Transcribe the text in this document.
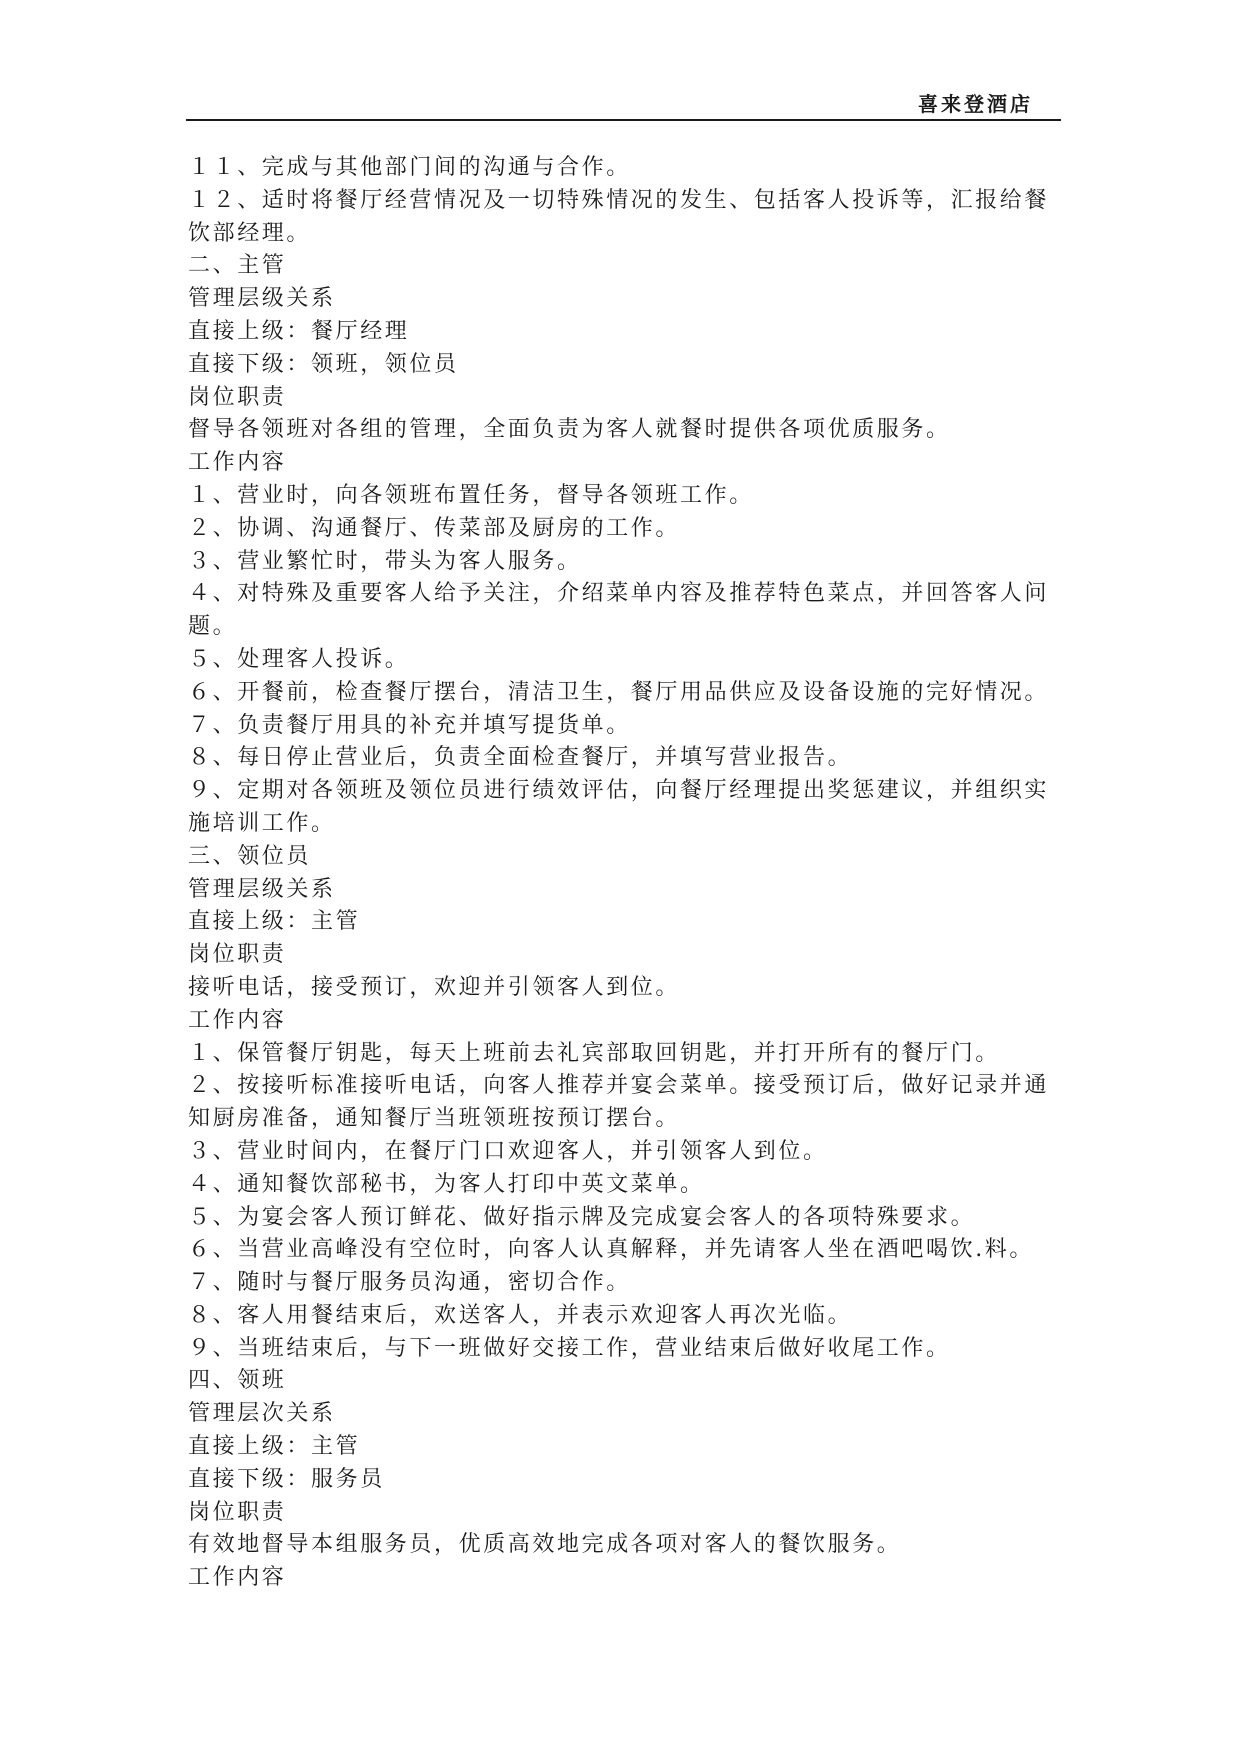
喜来登酒店
１１、完成与其他部门间的沟通与合作。
１２、适时将餐厅经营情况及一切特殊情况的发生、包括客人投诉等，汇报给餐
饮部经理。
二、主管
管理层级关系
直接上级：餐厅经理
直接下级：领班，领位员
岗位职责
督导各领班对各组的管理，全面负责为客人就餐时提供各项优质服务。
工作内容
１、营业时，向各领班布置任务，督导各领班工作。
２、协调、沟通餐厅、传菜部及厨房的工作。
３、营业繁忙时，带头为客人服务。
４、对特殊及重要客人给予关注，介绍菜单内容及推荐特色菜点，并回答客人问
题。
５、处理客人投诉。
６、开餐前，检查餐厅摆台，清洁卫生，餐厅用品供应及设备设施的完好情况。
７、负责餐厅用具的补充并填写提货单。
８、每日停止营业后，负责全面检查餐厅，并填写营业报告。
９、定期对各领班及领位员进行绩效评估，向餐厅经理提出奖惩建议，并组织实
施培训工作。
三、领位员
管理层级关系
直接上级：主管
岗位职责
接听电话，接受预订，欢迎并引领客人到位。
工作内容
１、保管餐厅钥匙，每天上班前去礼宾部取回钥匙，并打开所有的餐厅门。
２、按接听标准接听电话，向客人推荐并宴会菜单。接受预订后，做好记录并通
知厨房准备，通知餐厅当班领班按预订摆台。
３、营业时间内，在餐厅门口欢迎客人，并引领客人到位。
４、通知餐饮部秘书，为客人打印中英文菜单。
５、为宴会客人预订鲜花、做好指示牌及完成宴会客人的各项特殊要求。
６、当营业高峰没有空位时，向客人认真解释，并先请客人坐在酒吧喝饮.料。
７、随时与餐厅服务员沟通，密切合作。
８、客人用餐结束后，欢送客人，并表示欢迎客人再次光临。
９、当班结束后，与下一班做好交接工作，营业结束后做好收尾工作。
四、领班
管理层次关系
直接上级：主管
直接下级：服务员
岗位职责
有效地督导本组服务员，优质高效地完成各项对客人的餐饮服务。
工作内容
